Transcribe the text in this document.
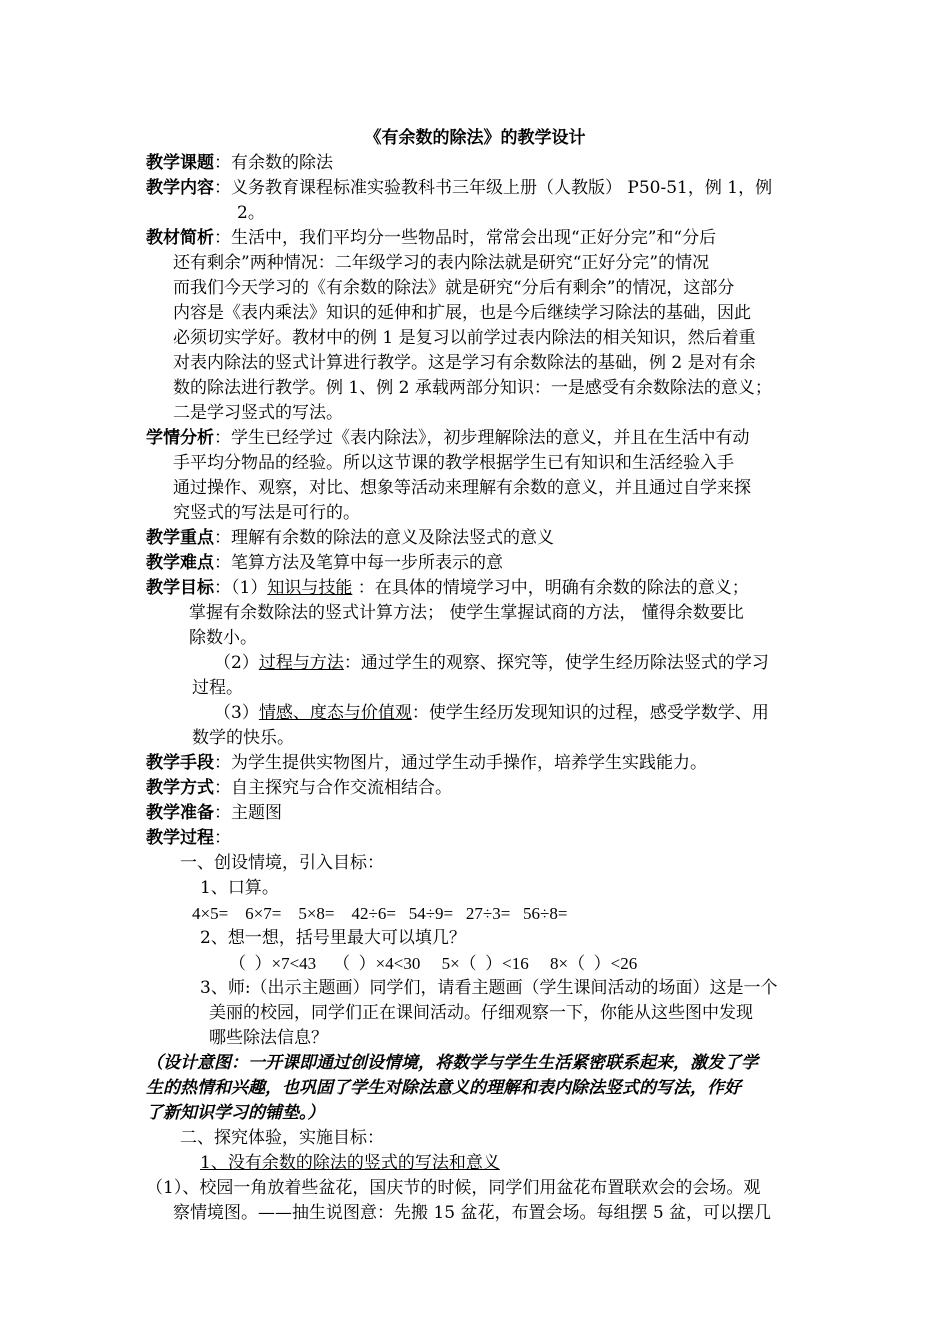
《有余数的除法》的教学设计
教学课题：有余数的除法
教学内容：义务教育课程标准实验教科书三年级上册（人教版） P50-51，例 1，例
2。
教材简析：生活中，我们平均分一些物品时，常常会出现“正好分完”和“分后
还有剩余”两种情况：二年级学习的表内除法就是研究“正好分完”的情况
而我们今天学习的《有余数的除法》就是研究“分后有剩余”的情况，这部分
内容是《表内乘法》知识的延伸和扩展，也是今后继续学习除法的基础，因此
必须切实学好。教材中的例 1 是复习以前学过表内除法的相关知识，然后着重
对表内除法的竖式计算进行教学。这是学习有余数除法的基础，例 2 是对有余
数的除法进行教学。例 1、例 2 承载两部分知识：一是感受有余数除法的意义；
二是学习竖式的写法。
学情分析：学生已经学过《表内除法》，初步理解除法的意义，并且在生活中有动
手平均分物品的经验。所以这节课的教学根据学生已有知识和生活经验入手
通过操作、观察，对比、想象等活动来理解有余数的意义，并且通过自学来探
究竖式的写法是可行的。
教学重点：理解有余数的除法的意义及除法竖式的意义
教学难点：笔算方法及笔算中每一步所表示的意
教学目标：（1）知识与技能 ：在具体的情境学习中，明确有余数的除法的意义；
掌握有余数除法的竖式计算方法； 使学生掌握试商的方法， 懂得余数要比
除数小。
（2）过程与方法：通过学生的观察、探究等，使学生经历除法竖式的学习
过程。
（3）情感、度态与价值观：使学生经历发现知识的过程，感受学数学、用
数学的快乐。
教学手段：为学生提供实物图片，通过学生动手操作，培养学生实践能力。
教学方式：自主探究与合作交流相结合。
教学准备：主题图
教学过程：
一、创设情境，引入目标：
1、口算。
4×5=    6×7=    5×8=    42÷6=   54÷9=   27÷3=   56÷8=
2、想一想，括号里最大可以填几？
（  ）×7<43    （  ）×4<30     5×（  ）<16     8×（  ）<26
3、师:（出示主题画）同学们，请看主题画（学生课间活动的场面）这是一个
美丽的校园，同学们正在课间活动。仔细观察一下，你能从这些图中发现
哪些除法信息？
（设计意图：一开课即通过创设情境，将数学与学生生活紧密联系起来，激发了学
生的热情和兴趣，也巩固了学生对除法意义的理解和表内除法竖式的写法，作好
了新知识学习的铺垫。）
二、探究体验，实施目标：
1、没有余数的除法的竖式的写法和意义
（1）、校园一角放着些盆花，国庆节的时候，同学们用盆花布置联欢会的会场。观
察情境图。——抽生说图意：先搬 15 盆花，布置会场。每组摆 5 盆，可以摆几
